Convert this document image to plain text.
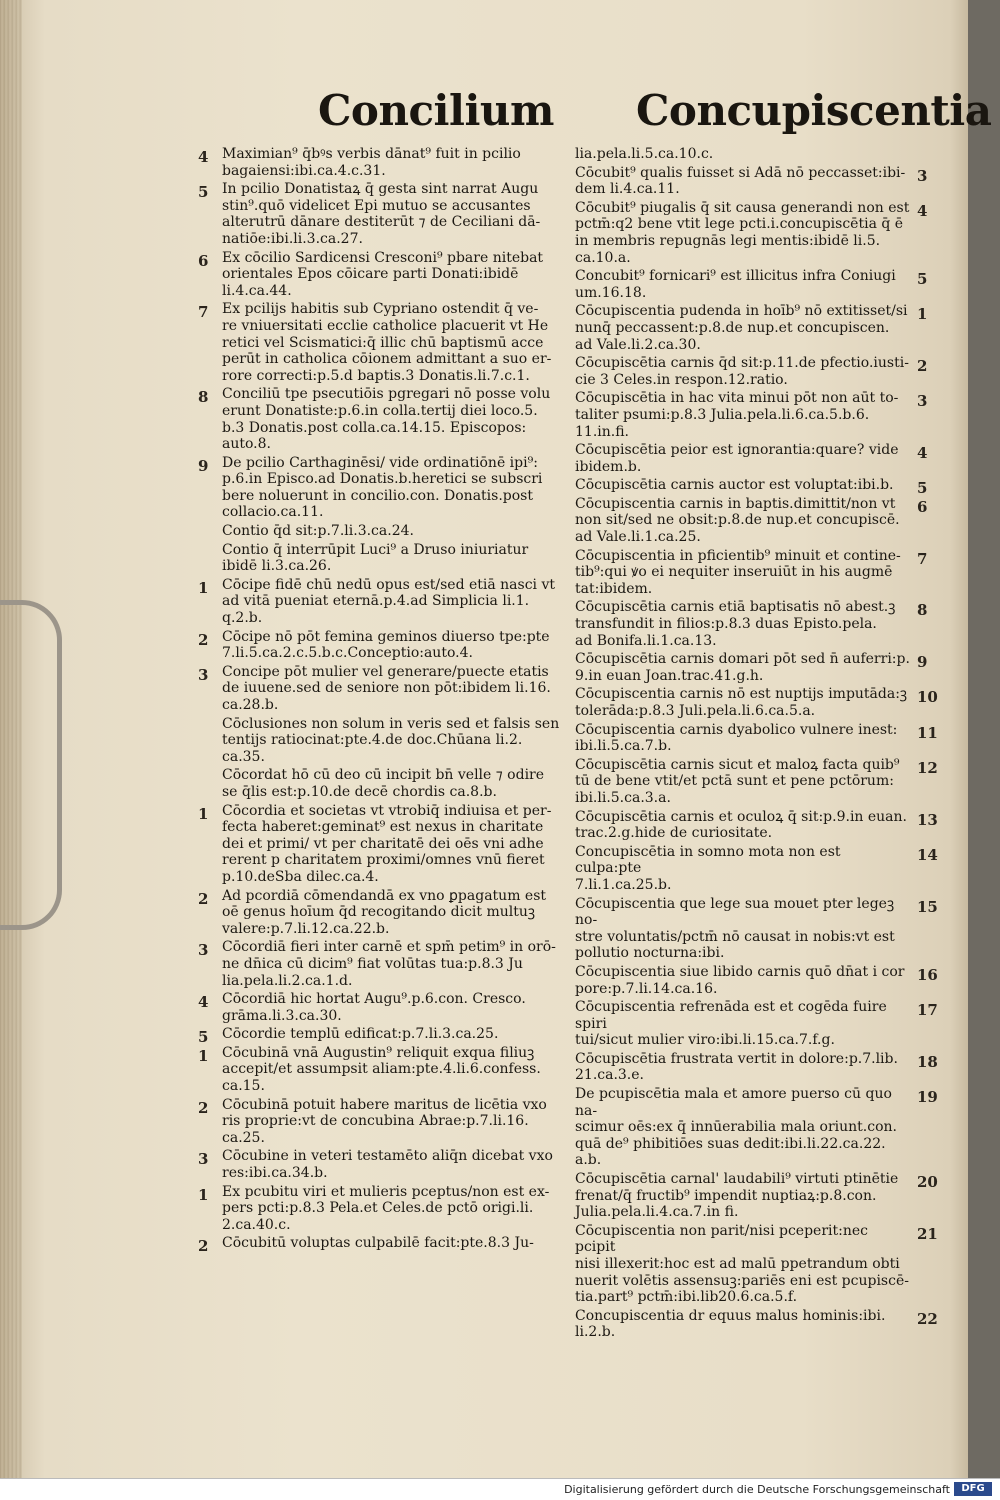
Concilium Concupiscentia
4 Maximian⁹ q̄bꝰs verbis dānat⁹ fuit in pcilio
bagaiensi:ibi.ca.4.c.31.
5 In pcilio Donatistaꝝ q̄ gesta sint narrat Augu
stin⁹.quō videlicet Epi mutuo se accusantes
alterutrū dānare destiterūt ⁊ de Ceciliani dā-
natiōe:ibi.li.3.ca.27.
6 Ex cōcilio Sardicensi Cresconi⁹ pbare nitebat
orientales Epos cōicare parti Donati:ibidē
li.4.ca.44.
7 Ex pcilijs habitis sub Cypriano ostendit q̄ ve-
re vniuersitati ecclie catholice placuerit vt He
retici vel Scismatici:q̄ illic chū baptismū acce
perūt in catholica cōionem admittant a suo er-
rore correcti:p.5.d baptis.3 Donatis.li.7.c.1.
8 Conciliū tpe psecutiōis pgregari nō posse volu
erunt Donatiste:p.6.in colla.tertij diei loco.5.
b.3 Donatis.post colla.ca.14.15. Episcopos:
auto.8.
9 De pcilio Carthaginēsi/ vide ordinatiōnē ipi⁹:
p.6.in Episco.ad Donatis.b.heretici se subscri
bere noluerunt in concilio.con. Donatis.post
collacio.ca.11.
Contio q̄d sit:p.7.li.3.ca.24.
Contio q̄ interrūpit Luci⁹ a Druso iniuriatur
ibidē li.3.ca.26.
1 Cōcipe fidē chū nedū opus est/sed etiā nasci vt
ad vitā pueniat eternā.p.4.ad Simplicia li.1.
q.2.b.
2 Cōcipe nō pōt femina geminos diuerso tpe:pte
7.li.5.ca.2.c.5.b.c.Conceptio:auto.4.
3 Concipe pōt mulier vel generare/puecte etatis
de iuuene.sed de seniore non pōt:ibidem li.16.
ca.28.b.
Cōclusiones non solum in veris sed et falsis sen
tentijs ratiocinat:pte.4.de doc.Chūana li.2.
ca.35.
Cōcordat hō cū deo cū incipit bn̄ velle ⁊ odire
se q̄lis est:p.10.de decē chordis ca.8.b.
1 Cōcordia et societas vt vtrobiq̄ indiuisa et per-
fecta haberet:geminat⁹ est nexus in charitate
dei et primi/ vt per charitatē dei oēs vni adhe
rerent p charitatem proximi/omnes vnū fieret
p.10.deSba dilec.ca.4.
2 Ad pcordiā cōmendandā ex vno ꝑpagatum est
oē genus hoīum q̄d recogitando dicit multuꝫ
valere:p.7.li.12.ca.22.b.
3 Cōcordiā fieri inter carnē et spm̄ petim⁹ in orō-
ne dn̄ica cū dicim⁹ fiat volūtas tua:p.8.3 Ju
lia.pela.li.2.ca.1.d.
4 Cōcordiā hic hortat Augu⁹.p.6.con. Cresco.
grāma.li.3.ca.30.
5 Cōcordie templū edificat:p.7.li.3.ca.25.
1 Cōcubinā vnā Augustin⁹ reliquit exqua filiuꝫ
accepit/et assumpsit aliam:pte.4.li.6.confess.
ca.15.
2 Cōcubinā potuit habere maritus de licētia vxo
ris proprie:vt de concubina Abrae:p.7.li.16.
ca.25.
3 Cōcubine in veteri testamēto aliq̄n dicebat vxo
res:ibi.ca.34.b.
1 Ex pcubitu viri et mulieris pceptus/non est ex-
pers pcti:p.8.3 Pela.et Celes.de pctō origi.li.
2.ca.40.c.
2 Cōcubitū voluptas culpabilē facit:pte.8.3 Ju-
lia.pela.li.5.ca.10.c.
3
Cōcubit⁹ qualis fuisset si Adā nō peccasset:ibi-
dem li.4.ca.11.
4
Cōcubit⁹ piugalis q̄ sit causa generandi non est
pctm̄:q2 bene vtit lege pcti.i.concupiscētia q̄ ē
in membris repugnās legi mentis:ibidē li.5.
ca.10.a.
5
Concubit⁹ fornicari⁹ est illicitus infra Coniugi
um.16.18.
1
Cōcupiscentia pudenda in hoīb⁹ nō extitisset/si
nunq̄ peccassent:p.8.de nup.et concupiscen.
ad Vale.li.2.ca.30.
2
Cōcupiscētia carnis q̄d sit:p.11.de pfectio.iusti-
cie 3 Celes.in respon.12.ratio.
3
Cōcupiscētia in hac vita minui pōt non aūt to-
taliter psumi:p.8.3 Julia.pela.li.6.ca.5.b.6.
11.in.fi.
4
Cōcupiscētia peior est ignorantia:quare? vide
ibidem.b.
5
Cōcupiscētia carnis auctor est voluptat:ibi.b.
6
Cōcupiscentia carnis in baptis.dimittit/non vt
non sit/sed ne obsit:p.8.de nup.et concupiscē.
ad Vale.li.1.ca.25.
7
Cōcupiscentia in pficientib⁹ minuit et contine-
tib⁹:qui ꝟo ei nequiter inseruiūt in his augmē
tat:ibidem.
8
Cōcupiscētia carnis etiā baptisatis nō abest.ꝫ
transfundit in filios:p.8.3 duas Episto.pela.
ad Bonifa.li.1.ca.13.
9
Cōcupiscētia carnis domari pōt sed n̄ auferri:p.
9.in euan Joan.trac.41.g.h.
10
Cōcupiscentia carnis nō est nuptijs imputāda:ꝫ
tolerāda:p.8.3 Juli.pela.li.6.ca.5.a.
11
Cōcupiscentia carnis dyabolico vulnere inest:
ibi.li.5.ca.7.b.
12
Cōcupiscētia carnis sicut et maloꝝ facta quib⁹
tū de bene vtit/et pctā sunt et pene pctōrum:
ibi.li.5.ca.3.a.
13
Cōcupiscētia carnis et oculoꝝ q̄ sit:p.9.in euan.
trac.2.g.hide de curiositate.
14
Concupiscētia in somno mota non est culpa:pte
7.li.1.ca.25.b.
15
Cōcupiscentia que lege sua mouet pter legeꝫ no-
stre voluntatis/pctm̄ nō causat in nobis:vt est
pollutio nocturna:ibi.
16
Cōcupiscentia siue libido carnis quō dn̄at i cor
pore:p.7.li.14.ca.16.
17
Cōcupiscentia refrenāda est et cogēda fuire spiri
tui/sicut mulier viro:ibi.li.15.ca.7.f.g.
18
Cōcupiscētia frustrata vertit in dolore:p.7.lib.
21.ca.3.e.
19
De pcupiscētia mala et amore puerso cū quo na-
scimur oēs:ex q̄ innūerabilia mala oriunt.con.
quā de⁹ phibitiōes suas dedit:ibi.li.22.ca.22.
a.b.
20
Cōcupiscētia carnal' laudabili⁹ virtuti ptinētie
frenat/q̄ fructib⁹ impendit nuptiaꝝ:p.8.con.
Julia.pela.li.4.ca.7.in fi.
21
Cōcupiscentia non parit/nisi pceperit:nec pcipit
nisi illexerit:hoc est ad malū ppetrandum obti
nuerit volētis assensuꝫ:pariēs eni est pcupiscē-
tia.part⁹ pctm̄:ibi.lib20.6.ca.5.f.
22
Concupiscentia dr equus malus hominis:ibi.
li.2.b.
Digitalisierung gefördert durch die Deutsche Forschungsgemeinschaft	DFG
